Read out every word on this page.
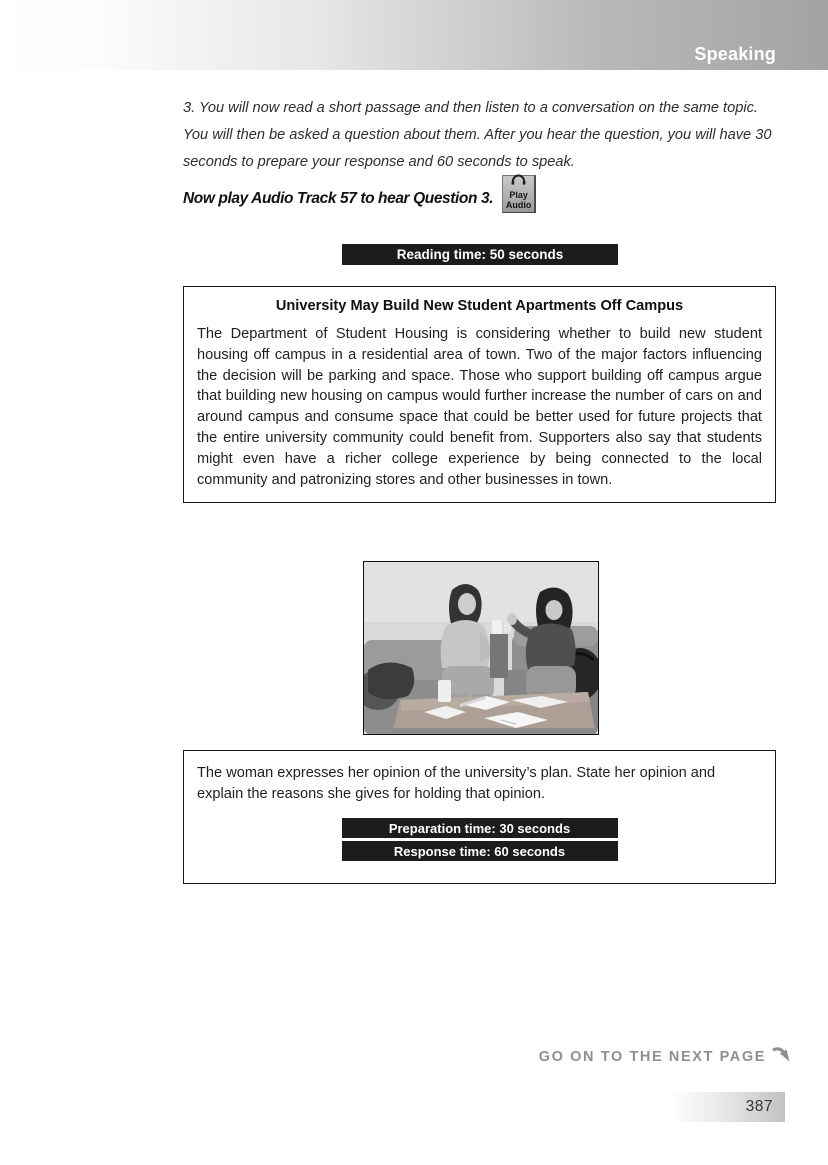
Speaking
3. You will now read a short passage and then listen to a conversation on the same topic. You will then be asked a question about them. After you hear the question, you will have 30 seconds to prepare your response and 60 seconds to speak.
Now play Audio Track 57 to hear Question 3. Play
Audio
Reading time: 50 seconds
University May Build New Student Apartments Off Campus
The Department of Student Housing is considering whether to build new student housing off campus in a residential area of town. Two of the major factors influencing the decision will be parking and space. Those who support building off campus argue that building new housing on campus would further increase the number of cars on and around campus and consume space that could be better used for future projects that the entire university community could benefit from. Supporters also say that students might even have a richer college experience by being connected to the local community and patronizing stores and other businesses in town.
The woman expresses her opinion of the university’s plan. State her opinion and explain the reasons she gives for holding that opinion.
Preparation time: 30 seconds
Response time: 60 seconds
GO ON TO THE NEXT PAGE
387
